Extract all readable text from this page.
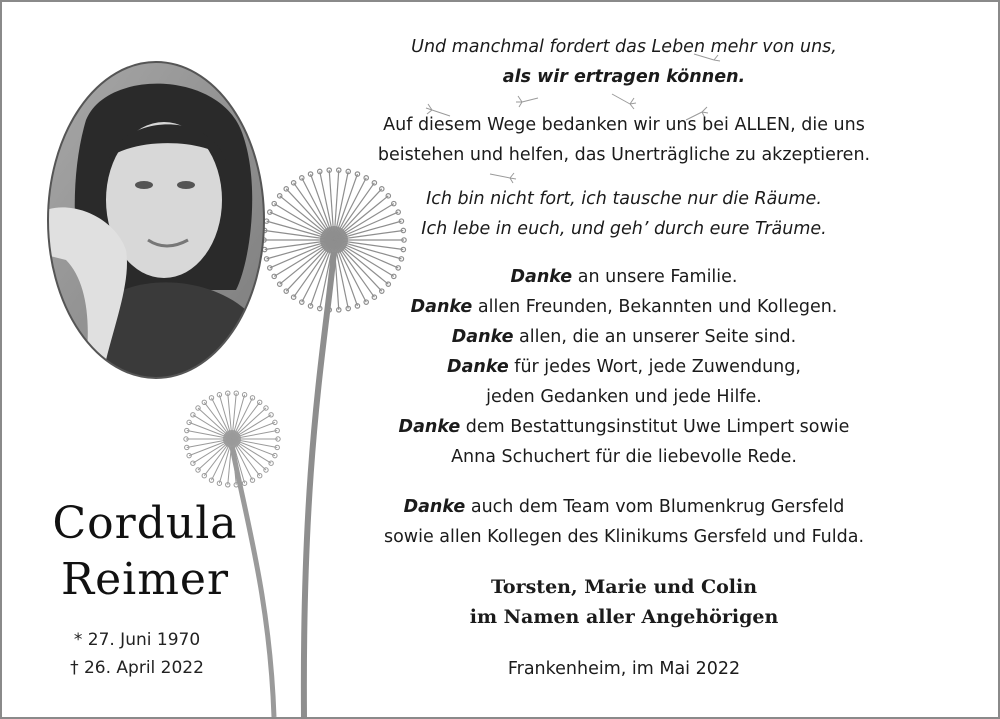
Cordula
Reimer
* 27. Juni 1970
† 26. April 2022

Und manchmal fordert das Leben mehr von uns,

als wir ertragen können.

Auf diesem Wege bedanken wir uns bei ALLEN, die uns

beistehen und helfen, das Unerträgliche zu akzeptieren.

Ich bin nicht fort, ich tausche nur die Räume.

Ich lebe in euch, und geh’ durch eure Träume.

Danke an unsere Familie.

Danke allen Freunden, Bekannten und Kollegen.

Danke allen, die an unserer Seite sind.

Danke für jedes Wort, jede Zuwendung,

jeden Gedanken und jede Hilfe.

Danke dem Bestattungsinstitut Uwe Limpert sowie

Anna Schuchert für die liebevolle Rede.

Danke auch dem Team vom Blumenkrug Gersfeld

sowie allen Kollegen des Klinikums Gersfeld und Fulda.

Torsten, Marie und Colin

im Namen aller Angehörigen

Frankenheim, im Mai 2022
